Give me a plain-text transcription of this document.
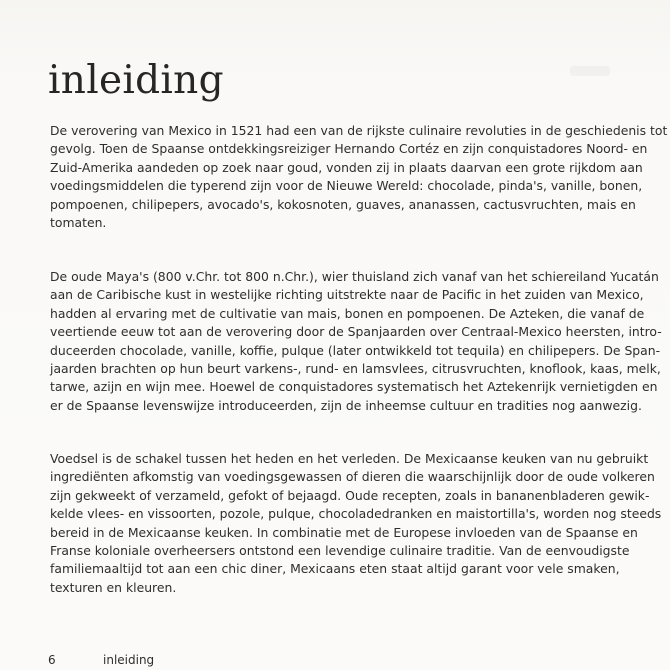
inleiding

De verovering van Mexico in 1521 had een van de rijkste culinaire revoluties in de geschiedenis tot
gevolg. Toen de Spaanse ontdekkingsreiziger Hernando Cortéz en zijn conquistadores Noord- en
Zuid-Amerika aandeden op zoek naar goud, vonden zij in plaats daarvan een grote rijkdom aan
voedingsmiddelen die typerend zijn voor de Nieuwe Wereld: chocolade, pinda's, vanille, bonen,
pompoenen, chilipepers, avocado's, kokosnoten, guaves, ananassen, cactusvruchten, mais en
tomaten.

De oude Maya's (800 v.Chr. tot 800 n.Chr.), wier thuisland zich vanaf van het schiereiland Yucatán
aan de Caribische kust in westelijke richting uitstrekte naar de Pacific in het zuiden van Mexico,
hadden al ervaring met de cultivatie van mais, bonen en pompoenen. De Azteken, die vanaf de
veertiende eeuw tot aan de verovering door de Spanjaarden over Centraal-Mexico heersten, intro-
duceerden chocolade, vanille, koffie, pulque (later ontwikkeld tot tequila) en chilipepers. De Span-
jaarden brachten op hun beurt varkens-, rund- en lamsvlees, citrusvruchten, knoflook, kaas, melk,
tarwe, azijn en wijn mee. Hoewel de conquistadores systematisch het Aztekenrijk vernietigden en
er de Spaanse levenswijze introduceerden, zijn de inheemse cultuur en tradities nog aanwezig.

Voedsel is de schakel tussen het heden en het verleden. De Mexicaanse keuken van nu gebruikt
ingrediënten afkomstig van voedingsgewassen of dieren die waarschijnlijk door de oude volkeren
zijn gekweekt of verzameld, gefokt of bejaagd. Oude recepten, zoals in bananenbladeren gewik-
kelde vlees- en vissoorten, pozole, pulque, chocoladedranken en maistortilla's, worden nog steeds
bereid in de Mexicaanse keuken. In combinatie met de Europese invloeden van de Spaanse en
Franse koloniale overheersers ontstond een levendige culinaire traditie. Van de eenvoudigste
familiemaaltijd tot aan een chic diner, Mexicaans eten staat altijd garant voor vele smaken,
texturen en kleuren.

6	inleiding
